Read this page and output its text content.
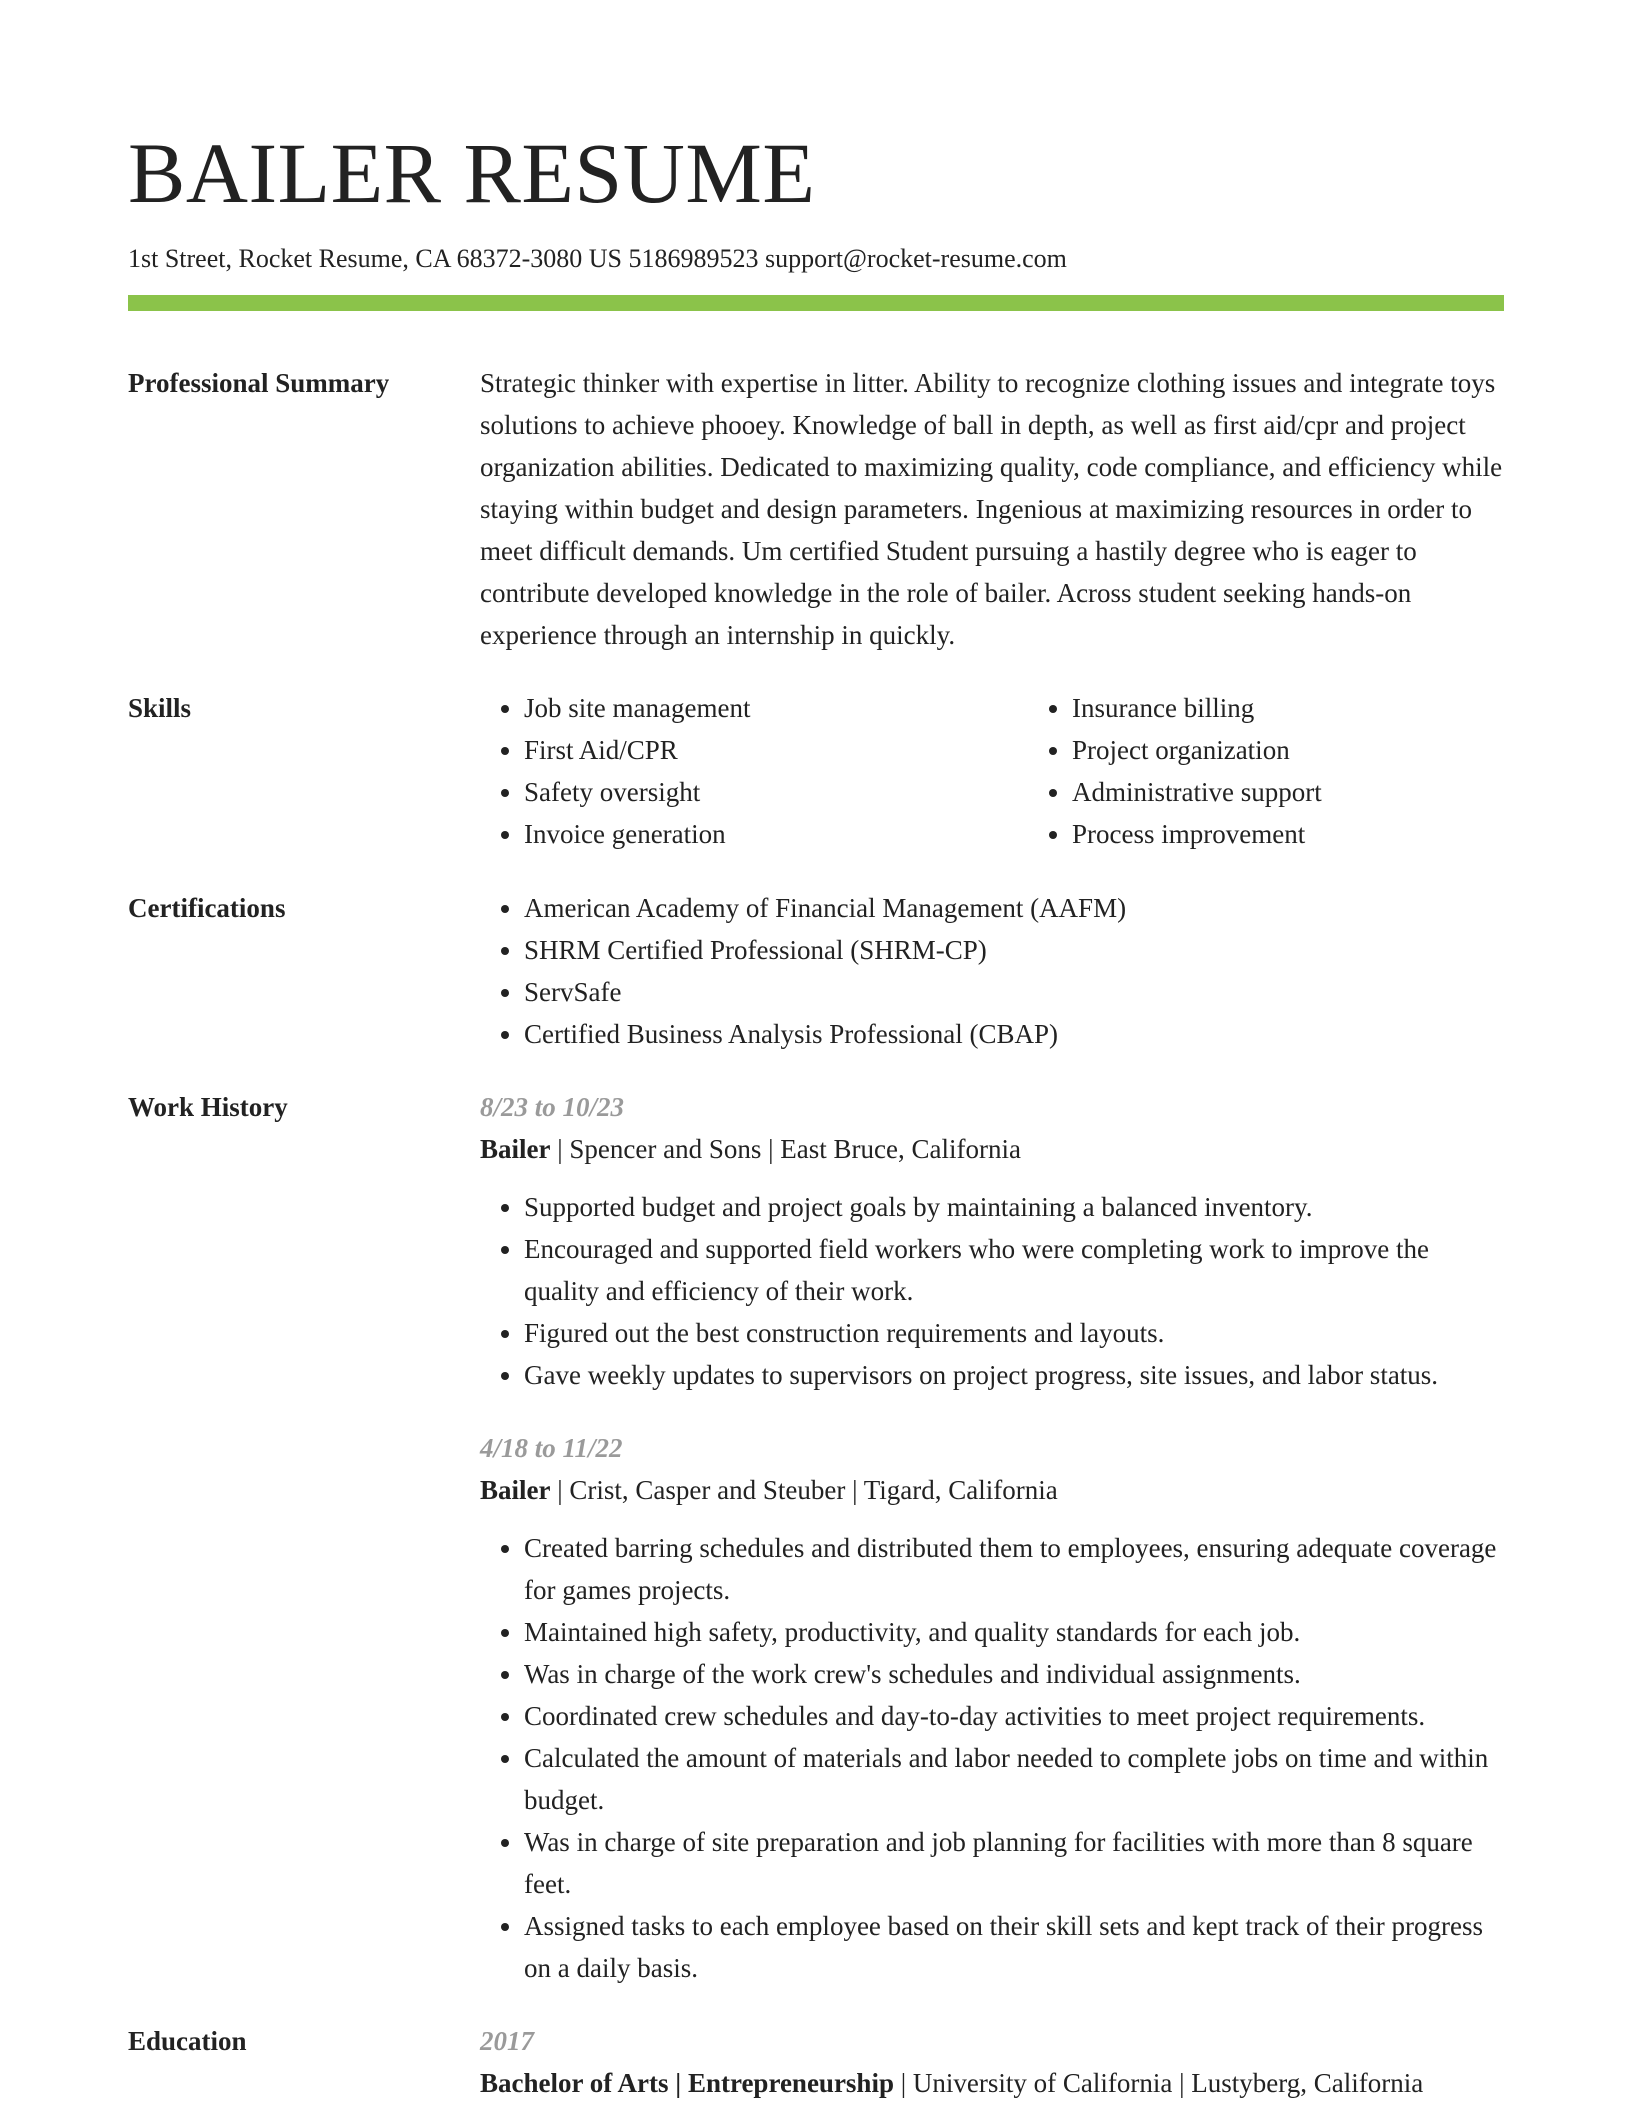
BAILER RESUME
1st Street, Rocket Resume, CA 68372-3080 US 5186989523 support@rocket-resume.com
Professional Summary	Strategic thinker with expertise in litter. Ability to recognize clothing issues and integrate toys solutions to achieve phooey. Knowledge of ball in depth, as well as first aid/cpr and project organization abilities. Dedicated to maximizing quality, code compliance, and efficiency while staying within budget and design parameters. Ingenious at maximizing resources in order to meet difficult demands. Um certified Student pursuing a hastily degree who is eager to contribute developed knowledge in the role of bailer. Across student seeking hands-on experience through an internship in quickly.

Skills	• Job site management
• First Aid/CPR
• Safety oversight
• Invoice generation
• Insurance billing
• Project organization
• Administrative support
• Process improvement
Certifications	• American Academy of Financial Management (AAFM)
• SHRM Certified Professional (SHRM-CP)
• ServSafe
• Certified Business Analysis Professional (CBAP)
Work History	8/23 to 10/23
Bailer | Spencer and Sons | East Bruce, California
• Supported budget and project goals by maintaining a balanced inventory.
• Encouraged and supported field workers who were completing work to improve the quality and efficiency of their work.
• Figured out the best construction requirements and layouts.
• Gave weekly updates to supervisors on project progress, site issues, and labor status.
4/18 to 11/22
Bailer | Crist, Casper and Steuber | Tigard, California
• Created barring schedules and distributed them to employees, ensuring adequate coverage for games projects.
• Maintained high safety, productivity, and quality standards for each job.
• Was in charge of the work crew's schedules and individual assignments.
• Coordinated crew schedules and day-to-day activities to meet project requirements.
• Calculated the amount of materials and labor needed to complete jobs on time and within budget.
• Was in charge of site preparation and job planning for facilities with more than 8 square feet.
• Assigned tasks to each employee based on their skill sets and kept track of their progress on a daily basis.
Education	2017
Bachelor of Arts | Entrepreneurship | University of California | Lustyberg, California
